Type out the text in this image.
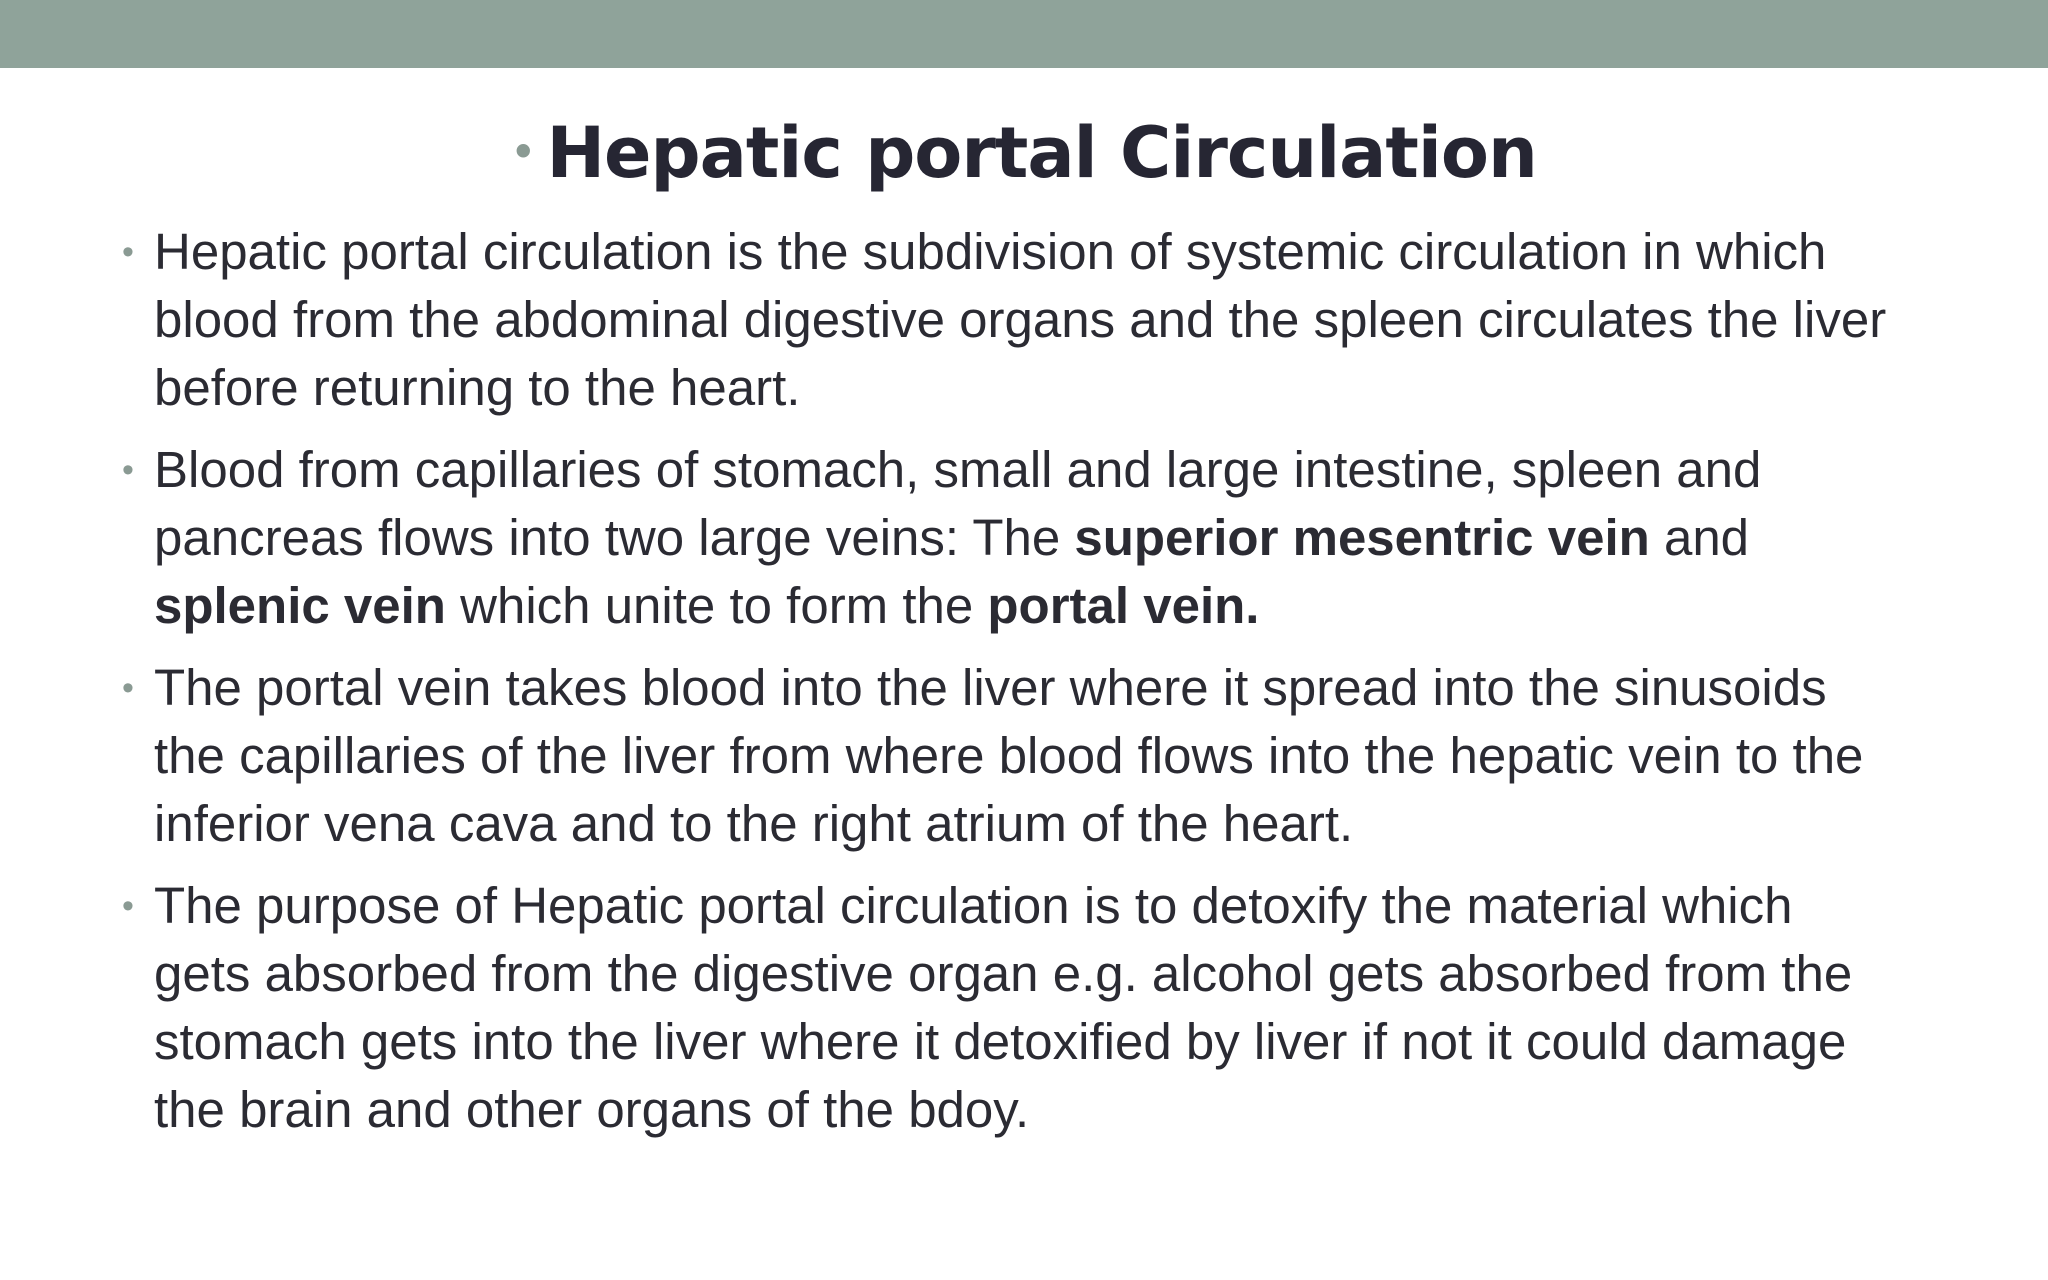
• Hepatic portal Circulation
• Hepatic portal circulation is the subdivision of systemic circulation in which blood from the abdominal digestive organs and the spleen circulates the liver before returning to the heart.
• Blood from capillaries of stomach, small and large intestine, spleen and pancreas flows into two large veins: The superior mesentric vein and splenic vein which unite to form the portal vein.
• The portal vein takes blood into the liver where it spread into the sinusoids the capillaries of the liver from where blood flows into the hepatic vein to the inferior vena cava and to the right atrium of the heart.
• The purpose of Hepatic portal circulation is to detoxify the material which gets absorbed from the digestive organ e.g. alcohol gets absorbed from the stomach gets into the liver where it detoxified by liver if not it could damage the brain and other organs of the bdoy.
